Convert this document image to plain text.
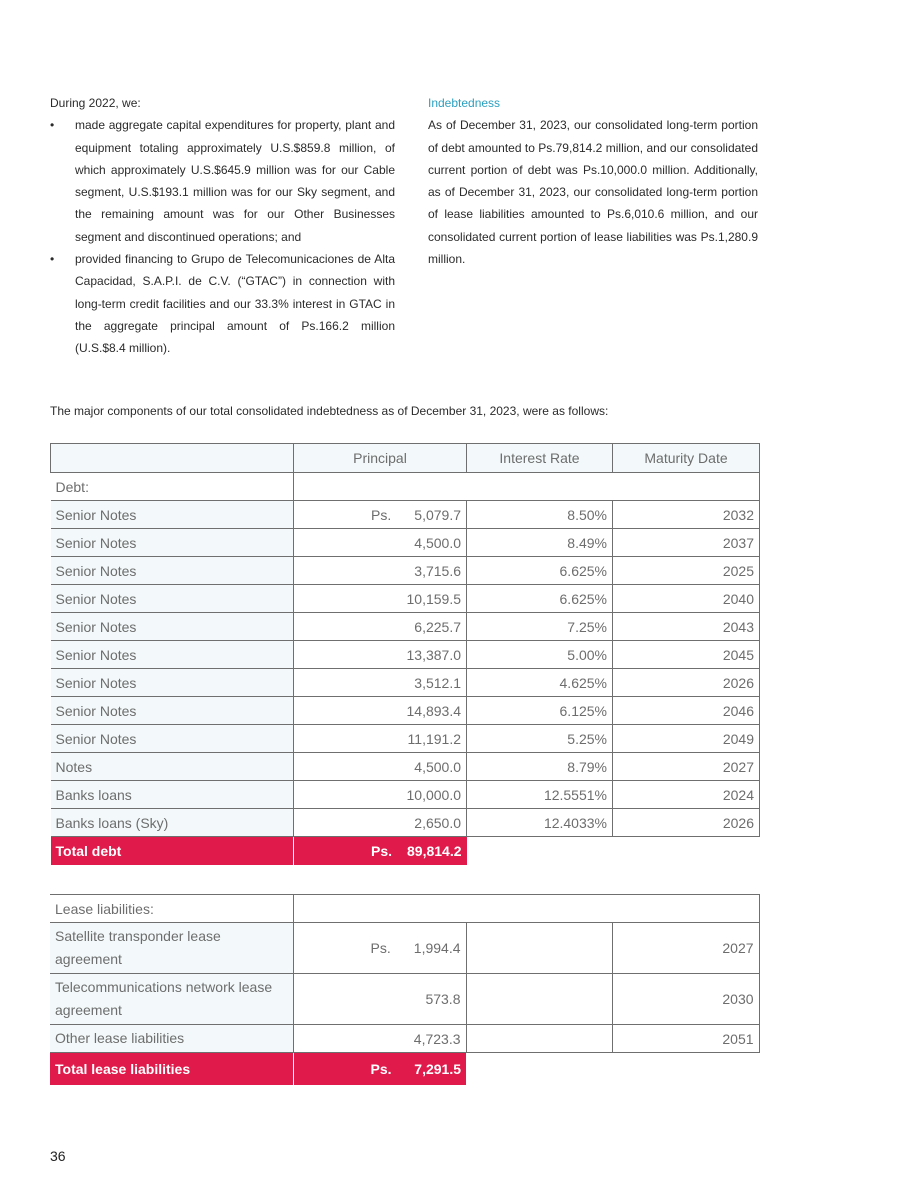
During 2022, we:

• made aggregate capital expenditures for property, plant and equipment totaling approximately U.S.$859.8 million, of which approximately U.S.$645.9 million was for our Cable segment, U.S.$193.1 million was for our Sky segment, and the remaining amount was for our Other Businesses segment and discontinued operations; and
• provided financing to Grupo de Telecomunicaciones de Alta Capacidad, S.A.P.I. de C.V. (“GTAC”) in connection with long-term credit facilities and our 33.3% interest in GTAC in the aggregate principal amount of Ps.166.2 million (U.S.$8.4 million).

Indebtedness

As of December 31, 2023, our consolidated long-term portion of debt amounted to Ps.79,814.2 million, and our consolidated current portion of debt was Ps.10,000.0 million. Additionally, as of December 31, 2023, our consolidated long-term portion of lease liabilities amounted to Ps.6,010.6 million, and our consolidated current portion of lease liabilities was Ps.1,280.9 million.

The major components of our total consolidated indebtedness as of December 31, 2023, were as follows:

	Principal	Interest Rate	Maturity Date
Debt:			
Senior Notes	Ps. 5,079.7	8.50%	2032
Senior Notes	4,500.0	8.49%	2037
Senior Notes	3,715.6	6.625%	2025
Senior Notes	10,159.5	6.625%	2040
Senior Notes	6,225.7	7.25%	2043
Senior Notes	13,387.0	5.00%	2045
Senior Notes	3,512.1	4.625%	2026
Senior Notes	14,893.4	6.125%	2046
Senior Notes	11,191.2	5.25%	2049
Notes	4,500.0	8.79%	2027
Banks loans	10,000.0	12.5551%	2024
Banks loans (Sky)	2,650.0	12.4033%	2026
Total debt	Ps. 89,814.2		
Lease liabilities:			
Satellite transponder lease agreement	Ps. 1,994.4		2027
Telecommunications network lease agreement	573.8		2030
Other lease liabilities	4,723.3		2051
Total lease liabilities	Ps. 7,291.5		
36
